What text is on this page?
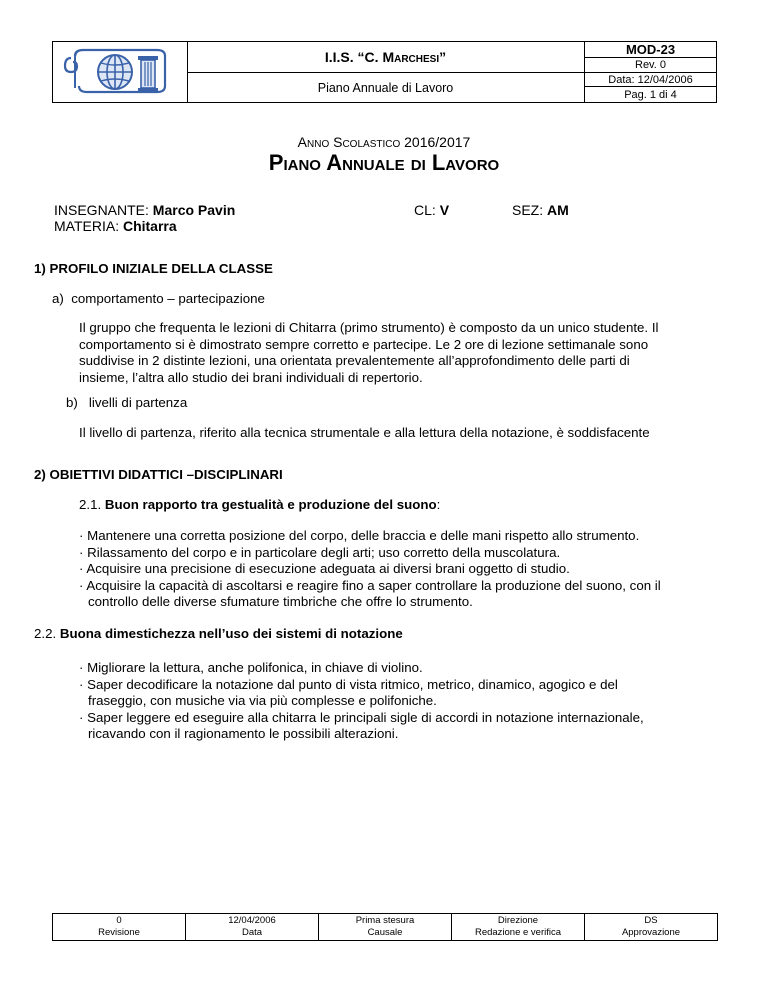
I.I.S. “C. Marchesi”
Piano Annuale di Lavoro
MOD-23
Rev. 0
Data: 12/04/2006
Pag. 1 di 4
Anno Scolastico 2016/2017
Piano Annuale di Lavoro
INSEGNANTE: Marco Pavin
MATERIA: Chitarra
CL: V	SEZ: AM
1) PROFILO INIZIALE DELLA CLASSE
a) comportamento – partecipazione
Il gruppo che frequenta le lezioni di Chitarra (primo strumento) è composto da un unico studente. Il
comportamento si è dimostrato sempre corretto e partecipe. Le 2 ore di lezione settimanale sono
suddivise in 2 distinte lezioni, una orientata prevalentemente all’approfondimento delle parti di
insieme, l’altra allo studio dei brani individuali di repertorio.
b) livelli di partenza
Il livello di partenza, riferito alla tecnica strumentale e alla lettura della notazione, è soddisfacente
2) OBIETTIVI DIDATTICI –DISCIPLINARI
2.1. Buon rapporto tra gestualità e produzione del suono:
· Mantenere una corretta posizione del corpo, delle braccia e delle mani rispetto allo strumento.
· Rilassamento del corpo e in particolare degli arti; uso corretto della muscolatura.
· Acquisire una precisione di esecuzione adeguata ai diversi brani oggetto di studio.
· Acquisire la capacità di ascoltarsi e reagire fino a saper controllare la produzione del suono, con il
controllo delle diverse sfumature timbriche che offre lo strumento.
2.2. Buona dimestichezza nell’uso dei sistemi di notazione
· Migliorare la lettura, anche polifonica, in chiave di violino.
· Saper decodificare la notazione dal punto di vista ritmico, metrico, dinamico, agogico e del
fraseggio, con musiche via via più complesse e polifoniche.
· Saper leggere ed eseguire alla chitarra le principali sigle di accordi in notazione internazionale,
ricavando con il ragionamento le possibili alterazioni.
0
Revisione
12/04/2006
Data
Prima stesura
Causale
Direzione
Redazione e verifica
DS
Approvazione
